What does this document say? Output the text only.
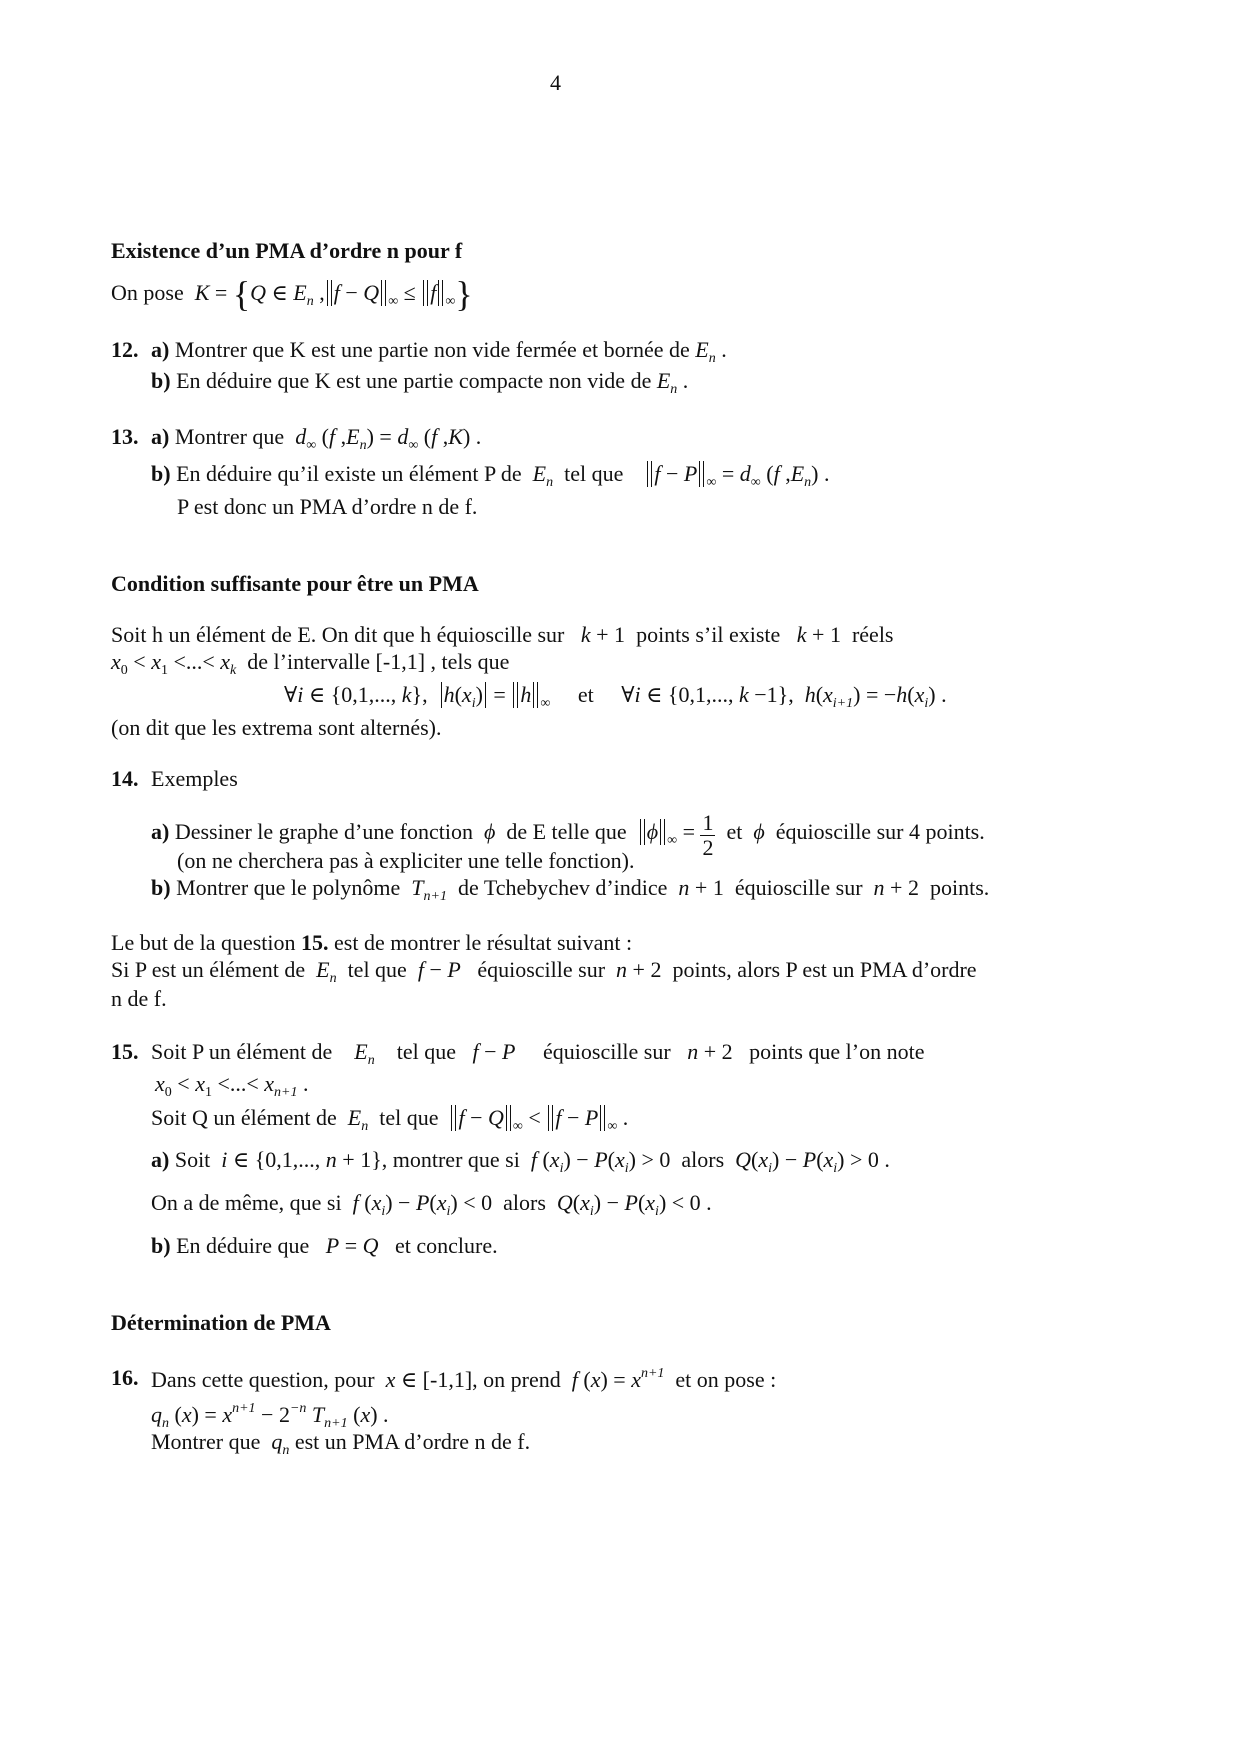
4
Existence d’un PMA d’ordre n pour f
On pose K = {Q ∈ $E_n$ , f − Q $_\infty$ ≤ f $_\infty$}
12. a) Montrer que K est une partie non vide fermée et bornée de $E_n$ .
b) En déduire que K est une partie compacte non vide de $E_n$ .
13. a) Montrer que $d_\infty$ (f $,E_n) = d_\infty$ (f ,K) .
b) En déduire qu’il existe un élément P de $E_n$ tel que f − P $_\infty = d_\infty$ (f $,E_n$) .
P est donc un PMA d’ordre n de f.
Condition suffisante pour être un PMA
Soit h un élément de E. On dit que h équioscille sur k + 1  points s’il existe k + 1  réels
$x_0 < x_1$ <...< $x_k$ de l’intervalle [-1,1] , tels que
∀i ∈ {0,1,..., k},  $h(x_i) = h$ $_\infty$ et     ∀i ∈ {0,1,..., k −1},  $h(x_{i+1}) = -h(x_i)$ .
(on dit que les extrema sont alternés).
14. Exemples
a) Dessiner le graphe d’une fonction ϕ de E telle que ϕ $_\infty = \frac{1}{2}$ et ϕ équioscille sur 4 points.
(on ne cherchera pas à expliciter une telle fonction).
b) Montrer que le polynôme $T_{n+1}$ de Tchebychev d’indice n + 1  équioscille sur n + 2  points.
Le but de la question 15. est de montrer le résultat suivant :
Si P est un élément de $E_n$ tel que f − P équioscille sur n + 2  points, alors P est un PMA d’ordre
n de f.
15. Soit P un élément de $E_n$ tel que f − P équioscille sur n + 2   points que l’on note
$x_0 < x_1$ <...< $x_{n+1}$ .
Soit Q un élément de $E_n$ tel que f − Q $_\infty$ < f − P $_\infty$ .
a) Soit i ∈ {0,1,..., n + 1}, montrer que si f $(x_i) - P(x_i) > 0$  alors $Q(x_i) - P(x_i) > 0$ .
On a de même, que si f $(x_i) - P(x_i) < 0$  alors $Q(x_i) - P(x_i) < 0$ .
b) En déduire que P = Q et conclure.
Détermination de PMA
16. Dans cette question, pour x ∈ [-1,1], on prend f $(x) = x^{n+1}$ et on pose :
$q_n$ $(x) = x^{n+1} - 2^{-n}$ $T_{n+1}$ (x) .
Montrer que $q_n$ est un PMA d’ordre n de f.
